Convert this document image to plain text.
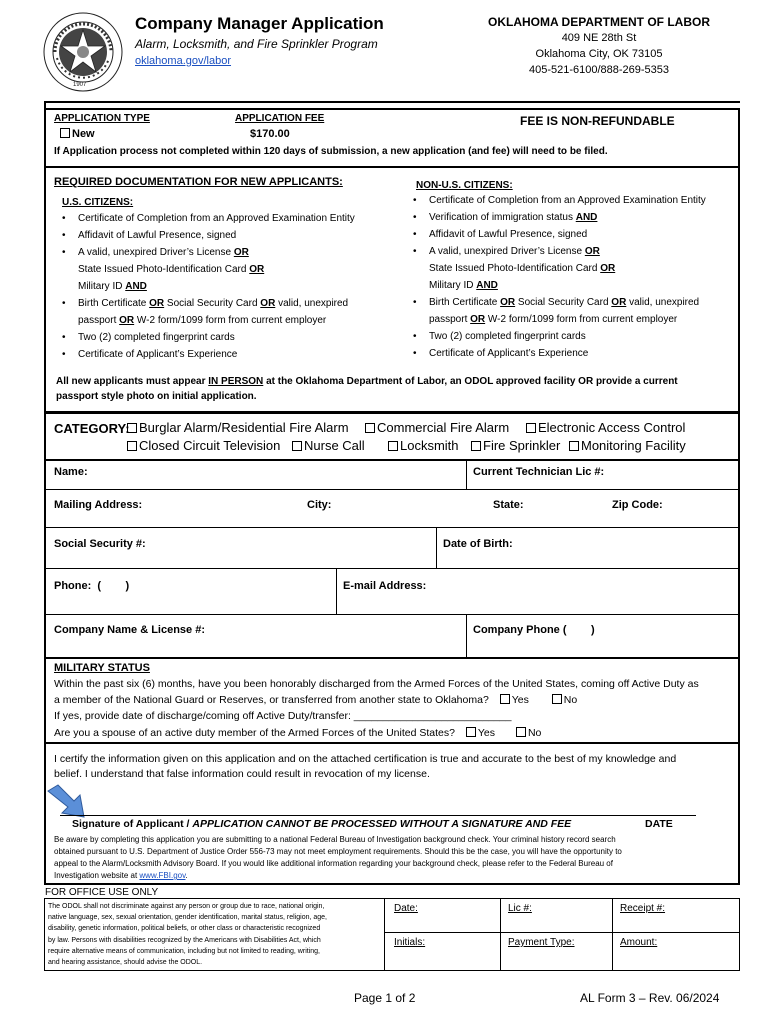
1907
Company Manager Application
Alarm, Locksmith, and Fire Sprinkler Program
oklahoma.gov/labor
OKLAHOMA DEPARTMENT OF LABOR
409 NE 28th St
Oklahoma City, OK 73105
405-521-6100/888-269-5353
APPLICATION TYPE
New
APPLICATION FEE
$170.00
FEE IS NON-REFUNDABLE
If Application process not completed within 120 days of submission, a new application (and fee) will need to be filed.
REQUIRED DOCUMENTATION FOR NEW APPLICANTS:
U.S. CITIZENS:
• Certificate of Completion from an Approved Examination Entity
• Affidavit of Lawful Presence, signed
• A valid, unexpired Driver’s License OR
State Issued Photo-Identification Card OR
Military ID AND
• Birth Certificate OR Social Security Card OR valid, unexpired
passport OR W-2 form/1099 form from current employer
• Two (2) completed fingerprint cards
• Certificate of Applicant’s Experience
NON-U.S. CITIZENS:
• Certificate of Completion from an Approved Examination Entity
• Verification of immigration status AND
• Affidavit of Lawful Presence, signed
• A valid, unexpired Driver’s License OR
State Issued Photo-Identification Card OR
Military ID AND
• Birth Certificate OR Social Security Card OR valid, unexpired
passport OR W-2 form/1099 form from current employer
• Two (2) completed fingerprint cards
• Certificate of Applicant’s Experience
All new applicants must appear IN PERSON at the Oklahoma Department of Labor, an ODOL approved facility OR provide a current
passport style photo on initial application.
CATEGORY: Burglar Alarm/Residential Fire Alarm	Commercial Fire Alarm	Electronic Access Control
Closed Circuit Television	Nurse Call	Locksmith	Fire Sprinkler	Monitoring Facility
Name:	Current Technician Lic #:
Mailing Address:	City:	State:	Zip Code:
Social Security #:	Date of Birth:
Phone:  (        )	E-mail Address:
Company Name & License #:	Company Phone (        )
MILITARY STATUS
Within the past six (6) months, have you been honorably discharged from the Armed Forces of the United States, coming off Active Duty as
a member of the National Guard or Reserves, or transferred from another state to Oklahoma? Yes	No
If yes, provide date of discharge/coming off Active Duty/transfer: ___________________________
Are you a spouse of an active duty member of the Armed Forces of the United States? Yes	No
I certify the information given on this application and on the attached certification is true and accurate to the best of my knowledge and
belief. I understand that false information could result in revocation of my license.
Signature of Applicant / APPLICATION CANNOT BE PROCESSED WITHOUT A SIGNATURE AND FEE	DATE
Be aware by completing this application you are submitting to a national Federal Bureau of Investigation background check. Your criminal history record search
obtained pursuant to U.S. Department of Justice Order 556-73 may not meet employment requirements. Should this be the case, you will have the opportunity to
appeal to the Alarm/Locksmith Advisory Board. If you would like additional information regarding your background check, please refer to the Federal Bureau of
Investigation website at www.FBI.gov.
FOR OFFICE USE ONLY
The ODOL shall not discriminate against any person or group due to race, national origin,
native language, sex, sexual orientation, gender identification, marital status, religion, age,
disability, genetic information, political beliefs, or other class or characteristic recognized
by law. Persons with disabilities recognized by the Americans with Disabilities Act, which
require alternative means of communication, including but not limited to reading, writing,
and hearing assistance, should advise the ODOL.
Date:	Lic #:	Receipt #:
Initials:	Payment Type:	Amount:
Page 1 of 2	AL Form 3 – Rev. 06/2024
